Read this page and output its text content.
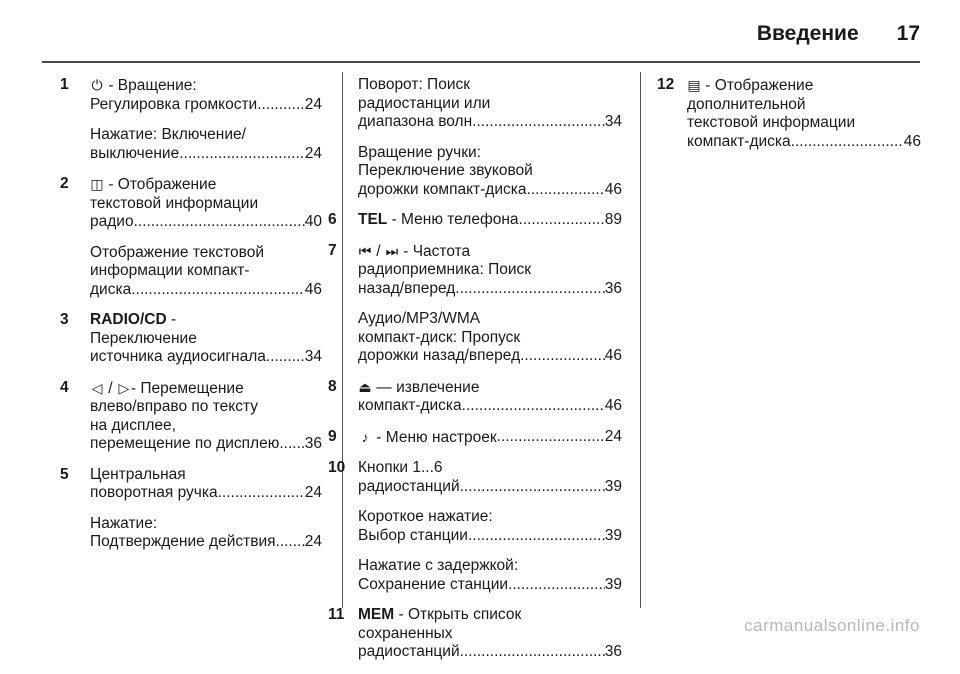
Введение 17
1	⏻ - Вращение:
Регулировка громкости .....	24
Нажатие: Включение/
выключение .....	24
2	◫ - Отображение
текстовой информации
радио .....	40
Отображение текстовой
информации компакт-
диска .....	46
3	RADIO/CD -
Переключение
источника аудиосигнала .....	34
4	◁ / ▷ - Перемещение
влево/вправо по тексту
на дисплее,
перемещение по дисплею ..... 36
5	Центральная
поворотная ручка .....	24
Нажатие:
Подтверждение действия ..... 24
Поворот: Поиск
радиостанции или
диапазона волн .....	34
Вращение ручки:
Переключение звуковой
дорожки компакт-диска .....	46
6	TEL - Меню телефона .....	89
7	⏮ / ⏭ - Частота
радиоприемника: Поиск
назад/вперед .....	36
Аудио/MP3/WMA
компакт-диск: Пропуск
дорожки назад/вперед .....	46
8	⏏ — извлечение
компакт-диска .....	46
9	♪ - Меню настроек .....	24
10 Кнопки 1...6
радиостанций .....	39
Короткое нажатие:
Выбор станции .....	39
Нажатие с задержкой:
Сохранение станции .....	39
11 MEM - Открыть список
сохраненных
радиостанций .....	36
12 ▤ - Отображение
дополнительной
текстовой информации
компакт-диска .....	46
carmanualsonline.info
